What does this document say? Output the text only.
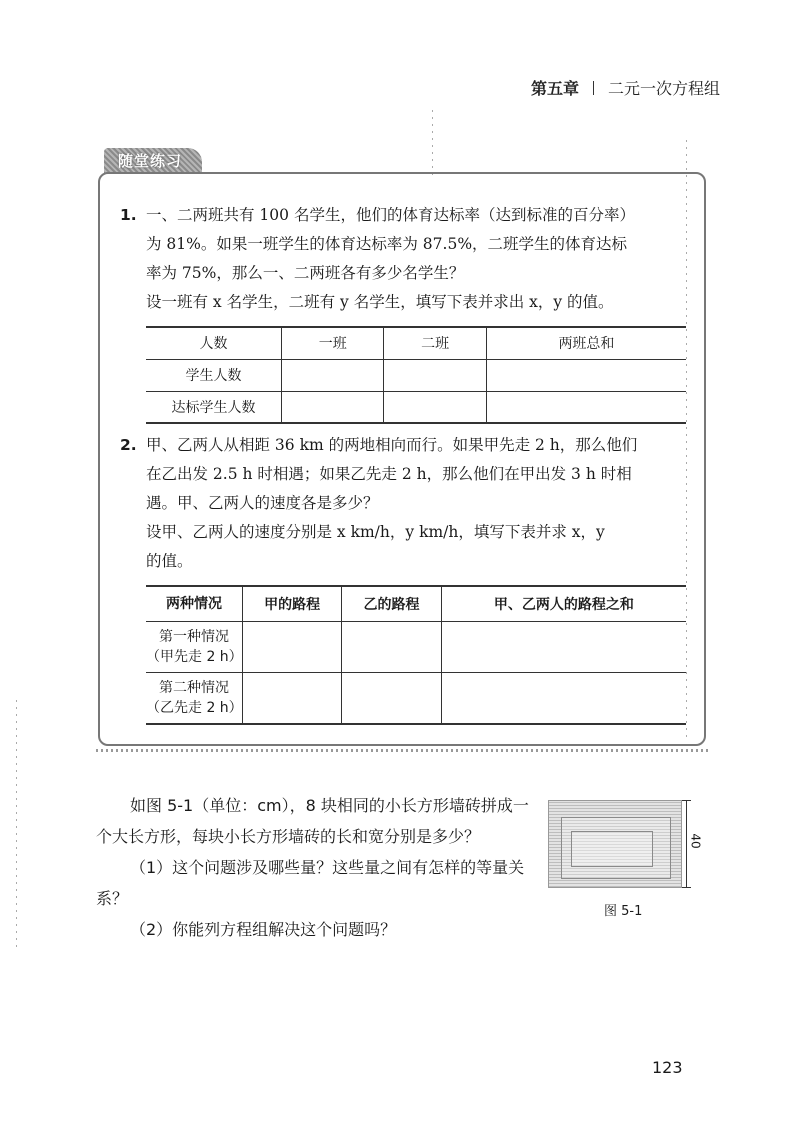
第五章 二元一次方程组
随堂练习

1. 一、二两班共有 100 名学生，他们的体育达标率（达到标准的百分率）

为 81%。如果一班学生的体育达标率为 87.5%，二班学生的体育达标

率为 75%，那么一、二两班各有多少名学生？

设一班有 x 名学生，二班有 y 名学生，填写下表并求出 x，y 的值。

人数	一班	二班	两班总和
学生人数			
达标学生人数			

2. 甲、乙两人从相距 36 km 的两地相向而行。如果甲先走 2 h，那么他们

在乙出发 2.5 h 时相遇；如果乙先走 2 h，那么他们在甲出发 3 h 时相

遇。甲、乙两人的速度各是多少？

设甲、乙两人的速度分别是 x km/h，y km/h，填写下表并求 x，y

的值。

两种情况	甲的路程	乙的路程	甲、乙两人的路程之和
第一种情况
（甲先走 2 h）			
第二种情况
（乙先走 2 h）			

如图 5-1（单位：cm），8 块相同的小长方形墙砖拼成一个大长方形，每块小长方形墙砖的长和宽分别是多少？

（1）这个问题涉及哪些量？这些量之间有怎样的等量关系？

（2）你能列方程组解决这个问题吗？

40
图 5-1
123
